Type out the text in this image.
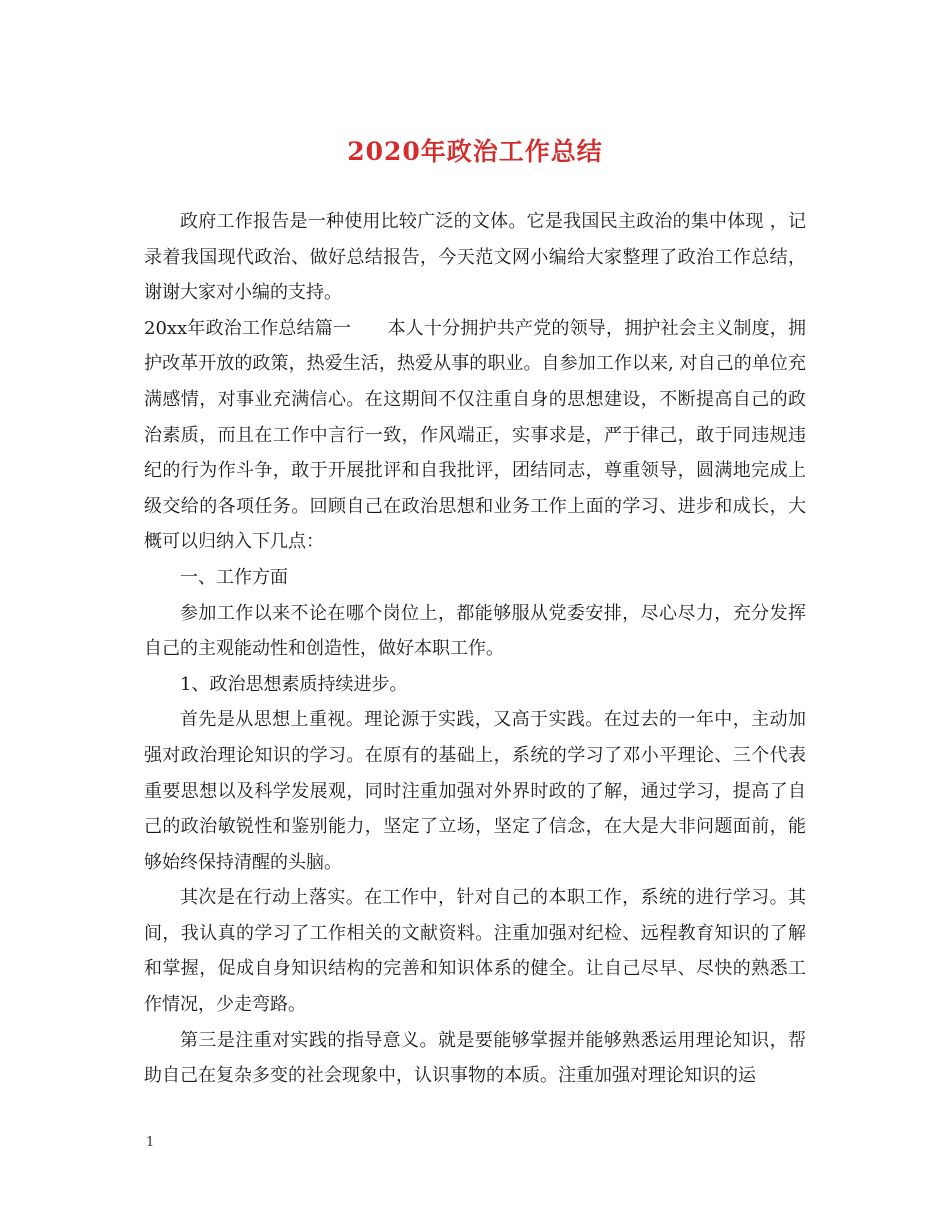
2020年政治工作总结

政府工作报告是一种使用比较广泛的文体。它是我国民主政治的集中体现 ，记录着我国现代政治、做好总结报告，今天范文网小编给大家整理了政治工作总结，谢谢大家对小编的支持。

20xx年政治工作总结篇一　　本人十分拥护共产党的领导，拥护社会主义制度，拥护改革开放的政策，热爱生活，热爱从事的职业。自参加工作以来, 对自己的单位充满感情，对事业充满信心。在这期间不仅注重自身的思想建设，不断提高自己的政治素质，而且在工作中言行一致，作风端正，实事求是，严于律己，敢于同违规违纪的行为作斗争，敢于开展批评和自我批评，团结同志，尊重领导，圆满地完成上级交给的各项任务。回顾自己在政治思想和业务工作上面的学习、进步和成长，大概可以归纳入下几点：

一、工作方面

参加工作以来不论在哪个岗位上，都能够服从党委安排，尽心尽力，充分发挥自己的主观能动性和创造性，做好本职工作。

1、政治思想素质持续进步。

首先是从思想上重视。理论源于实践，又高于实践。在过去的一年中，主动加强对政治理论知识的学习。在原有的基础上，系统的学习了邓小平理论、三个代表重要思想以及科学发展观，同时注重加强对外界时政的了解，通过学习，提高了自己的政治敏锐性和鉴别能力，坚定了立场，坚定了信念，在大是大非问题面前，能够始终保持清醒的头脑。

其次是在行动上落实。在工作中，针对自己的本职工作，系统的进行学习。其间，我认真的学习了工作相关的文献资料。注重加强对纪检、远程教育知识的了解和掌握，促成自身知识结构的完善和知识体系的健全。让自己尽早、尽快的熟悉工作情况，少走弯路。

第三是注重对实践的指导意义。就是要能够掌握并能够熟悉运用理论知识，帮助自己在复杂多变的社会现象中，认识事物的本质。注重加强对理论知识的运

1
